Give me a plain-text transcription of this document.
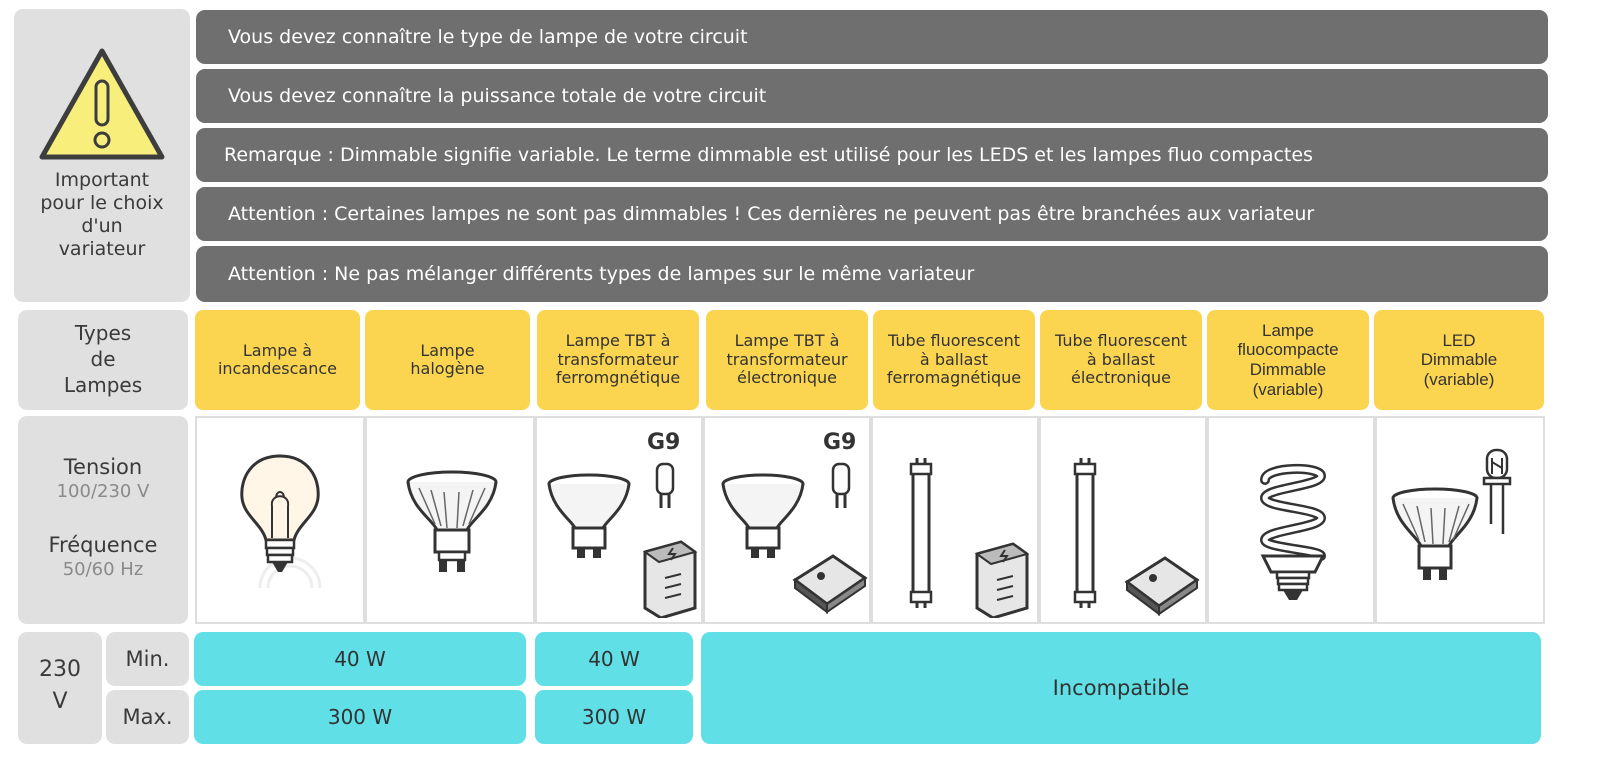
Important
pour le choix
d'un
variateur
Vous devez connaître le type de lampe de votre circuit
Vous devez connaître la puissance totale de votre circuit
Remarque : Dimmable signifie variable. Le terme dimmable est utilisé pour les LEDS et les lampes fluo compactes
Attention : Certaines lampes ne sont pas dimmables ! Ces dernières ne peuvent pas être branchées aux variateur
Attention : Ne pas mélanger différents types de lampes sur le même variateur
Types
de
Lampes
Lampe à
incandescance
Lampe
halogène
Lampe TBT à
transformateur
ferromgnétique
Lampe TBT à
transformateur
électronique
Tube fluorescent
à ballast
ferromagnétique
Tube fluorescent
à ballast
électronique
Lampe
fluocompacte
Dimmable
(variable)
LED
Dimmable
(variable)
Tension
100/230 V
Fréquence
50/60 Hz
G9	G9
230
V
Min.
Max.
40 W
300 W
40 W
300 W
Incompatible
